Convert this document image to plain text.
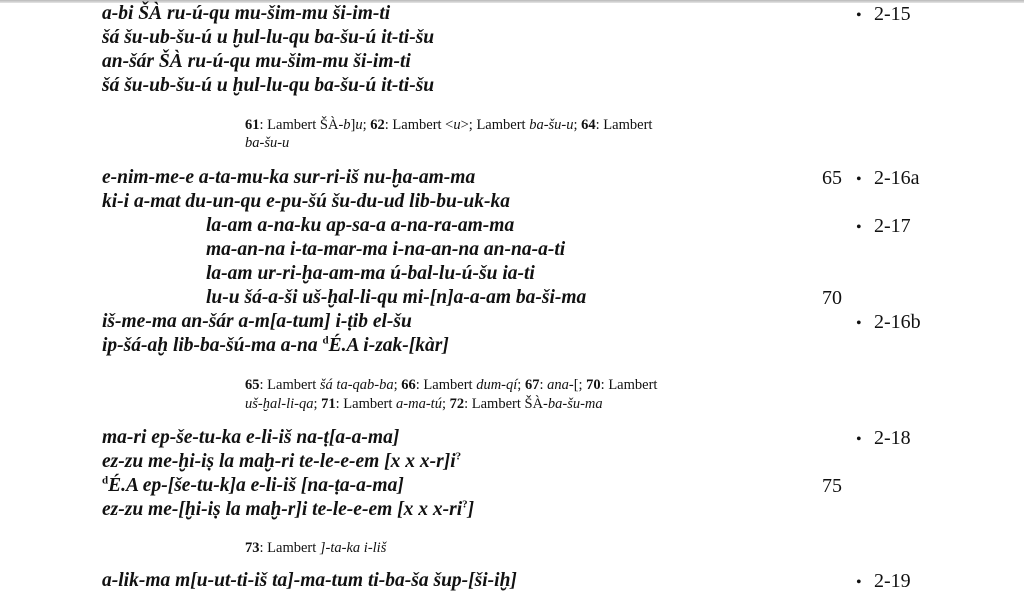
a-bi ŠÀ ru-ú-qu mu-šim-mu ši-im-ti
šá šu-ub-šu-ú u ḫul-lu-qu ba-šu-ú it-ti-šu
an-šár ŠÀ ru-ú-qu mu-šim-mu ši-im-ti
šá šu-ub-šu-ú u ḫul-lu-qu ba-šu-ú it-ti-šu
61: Lambert ŠÀ-b]u; 62: Lambert <u>; Lambert ba-šu-u; 64: Lambert
ba-šu-u
e-nim-me-e a-ta-mu-ka sur-ri-iš nu-ḫa-am-ma
ki-i a-mat du-un-qu e-pu-šú šu-du-ud lib-bu-uk-ka
la-am a-na-ku ap-sa-a a-na-ra-am-ma
ma-an-na i-ta-mar-ma i-na-an-na an-na-a-ti
la-am ur-ri-ḫa-am-ma ú-bal-lu-ú-šu ia-ti
lu-u šá-a-ši uš-ḫal-li-qu mi-[n]a-a-am ba-ši-ma
iš-me-ma an-šár a-m[a-tum] i-ṭib el-šu
ip-šá-aḫ lib-ba-šú-ma a-na $^d$É.A i-zak-[kàr]
65: Lambert šá ta-qab-ba; 66: Lambert dum-qí; 67: ana-[; 70: Lambert
uš-ḫal-li-qa; 71: Lambert a-ma-tú; 72: Lambert ŠÀ-ba-šu-ma
ma-ri ep-še-tu-ka e-li-iš na-ṭ[a-a-ma]
ez-zu me-ḫi-iṣ la maḫ-ri te-le-e-em [x x x-r]i?
$^d$É.A ep-[še-tu-k]a e-li-iš [na-ṭa-a-ma]
ez-zu me-[ḫi-iṣ la maḫ-r]i te-le-e-em [x x x-ri?]
73: Lambert ]-ta-ka i-liš
a-lik-ma m[u-ut-ti-iš ta]-ma-tum ti-ba-ša šup-[ši-iḫ]
65
70
75
• 2-15
• 2-16a
• 2-17
• 2-16b
• 2-18
• 2-19
